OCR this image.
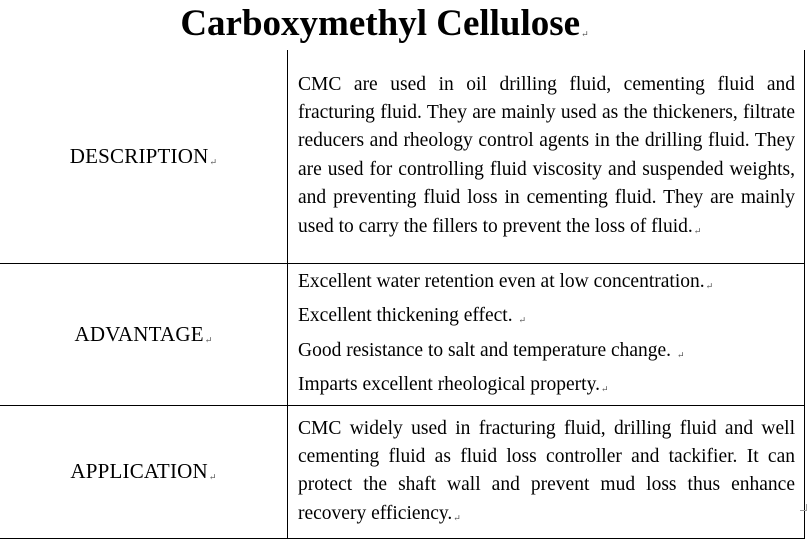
Carboxymethyl Cellulose↵
DESCRIPTION↵	CMC are used in oil drilling fluid, cementing fluid and fracturing fluid. They are mainly used as the thickeners, filtrate reducers and rheology control agents in the drilling fluid. They are used for controlling fluid viscosity and suspended weights, and preventing fluid loss in cementing fluid. They are mainly used to carry the fillers to prevent the loss of fluid.↵
ADVANTAGE↵	Excellent water retention even at low concentration.↵
Excellent thickening effect. ↵
Good resistance to salt and temperature change. ↵
Imparts excellent rheological property.↵

APPLICATION↵	CMC widely used in fracturing fluid, drilling fluid and well cementing fluid as fluid loss controller and tackifier. It can protect the shaft wall and prevent mud loss thus enhance recovery efficiency.↵
